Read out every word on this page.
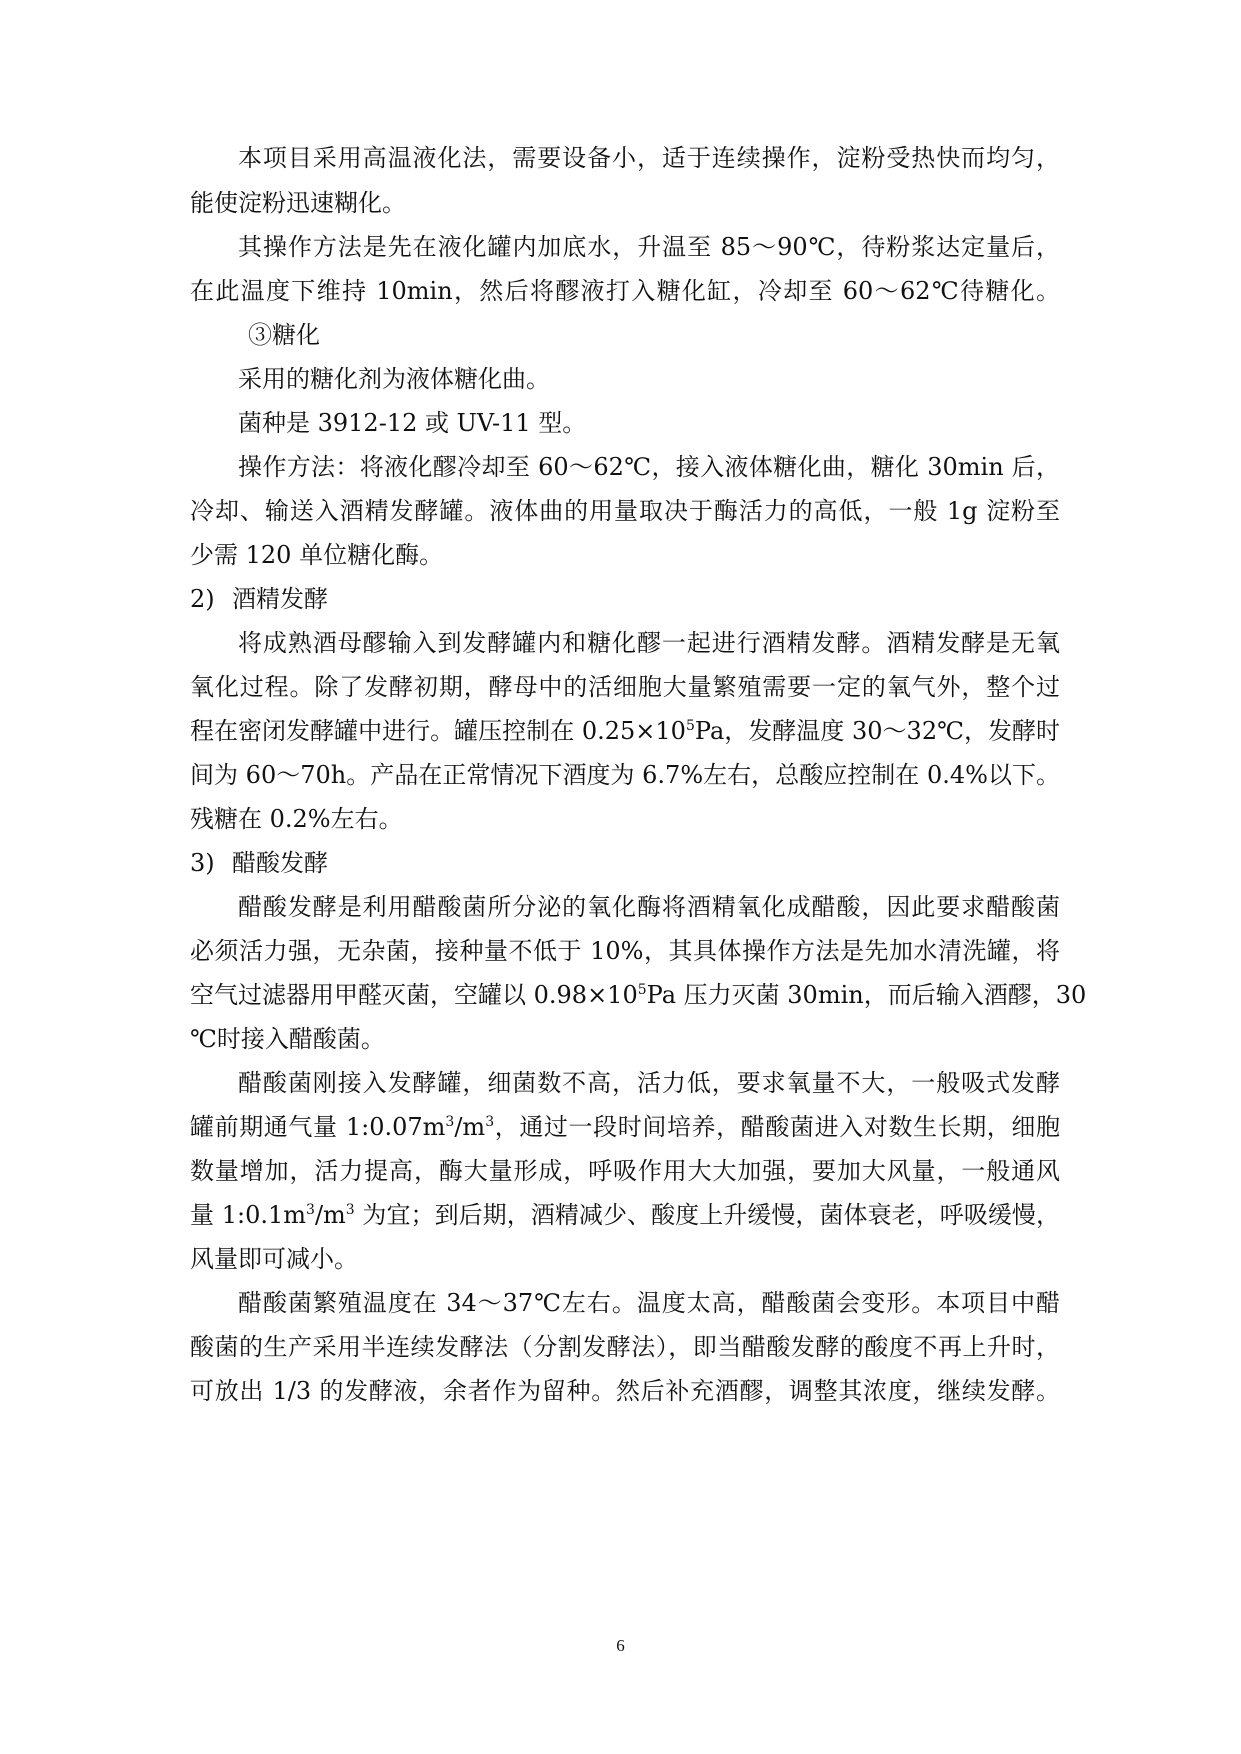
本项目采用高温液化法，需要设备小，适于连续操作，淀粉受热快而均匀，
能使淀粉迅速糊化。
其操作方法是先在液化罐内加底水，升温至 85～90℃，待粉浆达定量后，
在此温度下维持 10min，然后将醪液打入糖化缸，冷却至 60～62℃待糖化。
③糖化
采用的糖化剂为液体糖化曲。
菌种是 3912-12 或 UV-11 型。
操作方法：将液化醪冷却至 60～62℃，接入液体糖化曲，糖化 30min 后，
冷却、输送入酒精发酵罐。液体曲的用量取决于酶活力的高低，一般 1g 淀粉至
少需 120 单位糖化酶。
2) 酒精发酵
将成熟酒母醪输入到发酵罐内和糖化醪一起进行酒精发酵。酒精发酵是无氧
氧化过程。除了发酵初期，酵母中的活细胞大量繁殖需要一定的氧气外，整个过
程在密闭发酵罐中进行。罐压控制在 $0.25\times 10^5Pa$，发酵温度 30～32℃，发酵时
间为 60～70h。产品在正常情况下酒度为 6.7%左右，总酸应控制在 0.4%以下。
残糖在 0.2%左右。
3) 醋酸发酵
醋酸发酵是利用醋酸菌所分泌的氧化酶将酒精氧化成醋酸，因此要求醋酸菌
必须活力强，无杂菌，接种量不低于 10%，其具体操作方法是先加水清洗罐，将
空气过滤器用甲醛灭菌，空罐以 $0.98\times 10^5Pa$ 压力灭菌 30min，而后输入酒醪，30
℃时接入醋酸菌。
醋酸菌刚接入发酵罐，细菌数不高，活力低，要求氧量不大，一般吸式发酵
罐前期通气量 $1:0.07m^3/m^3$，通过一段时间培养，醋酸菌进入对数生长期，细胞
数量增加，活力提高，酶大量形成，呼吸作用大大加强，要加大风量，一般通风
量 $1:0.1m^3/m^3$ 为宜；到后期，酒精减少、酸度上升缓慢，菌体衰老，呼吸缓慢，
风量即可减小。
醋酸菌繁殖温度在 34～37℃左右。温度太高，醋酸菌会变形。本项目中醋
酸菌的生产采用半连续发酵法（分割发酵法），即当醋酸发酵的酸度不再上升时，
可放出 1/3 的发酵液，余者作为留种。然后补充酒醪，调整其浓度，继续发酵。
6
